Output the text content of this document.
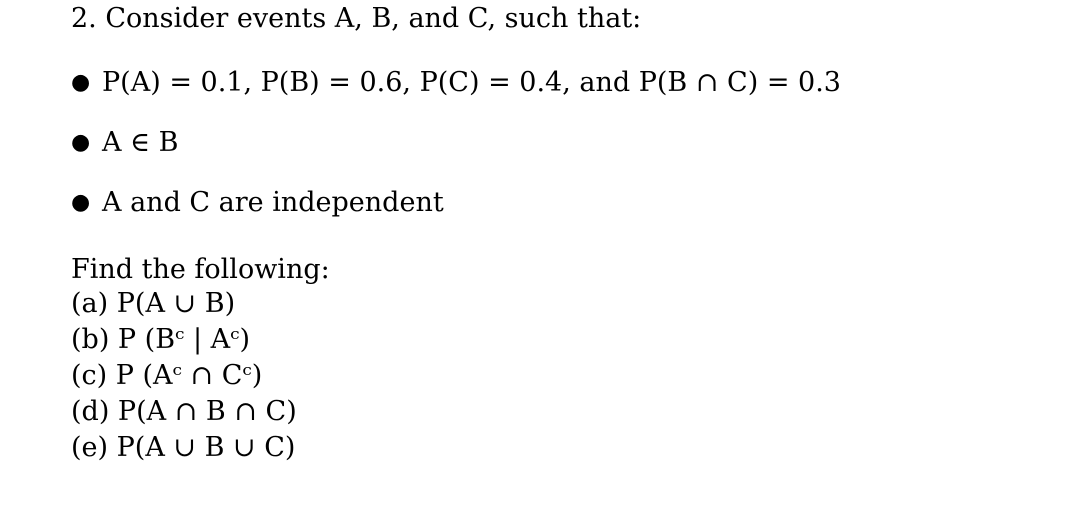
2. Consider events A, B, and C, such that:
● P(A) = 0.1, P(B) = 0.6, P(C) = 0.4, and P(B ∩ C) = 0.3
● A ∈ B
● A and C are independent
Find the following:
(a) P(A ∪ B)
(b) P (Bᶜ | Aᶜ)
(c) P (Aᶜ ∩ Cᶜ)
(d) P(A ∩ B ∩ C)
(e) P(A ∪ B ∪ C)
